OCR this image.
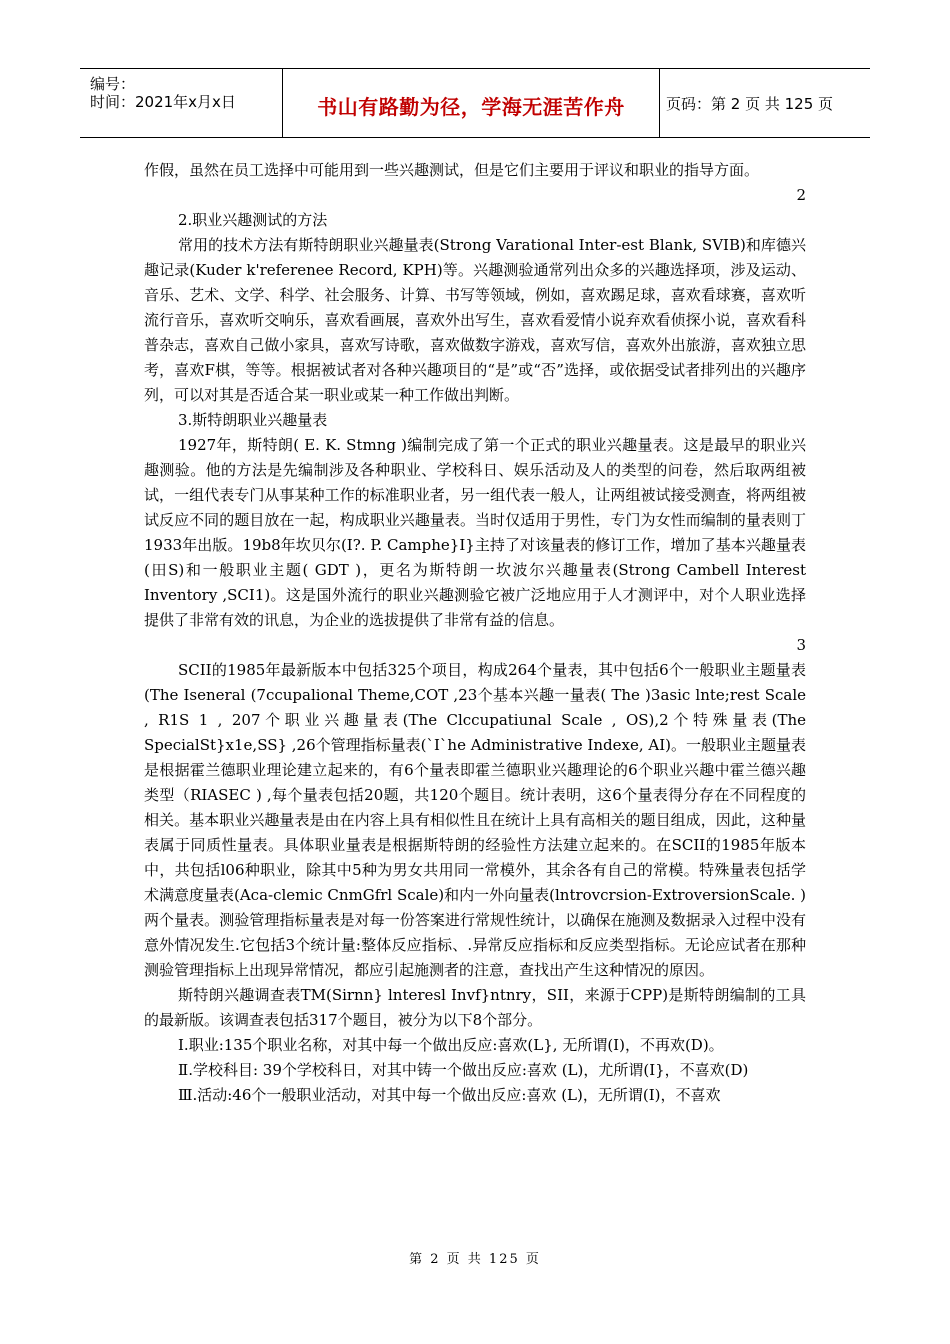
编号：
时间：2021年x月x日	书山有路勤为径，学海无涯苦作舟	页码：第 2 页 共 125 页

作假，虽然在员工选择中可能用到一些兴趣测试，但是它们主要用于评议和职业的指导方面。

2

2.职业兴趣测试的方法

常用的技术方法有斯特朗职业兴趣量表(Strong Varational Inter-est Blank, SVIB)和库德兴趣记录(Kuder k'referenee Record, KPH)等。兴趣测验通常列出众多的兴趣选择项，涉及运动、音乐、艺术、文学、科学、社会服务、计算、书写等领域，例如，喜欢踢足球，喜欢看球赛，喜欢听流行音乐，喜欢听交响乐，喜欢看画展，喜欢外出写生，喜欢看爱情小说弃欢看侦探小说，喜欢看科普杂志，喜欢自己做小家具，喜欢写诗歌，喜欢做数字游戏，喜欢写信，喜欢外出旅游，喜欢独立思考，喜欢F棋，等等。根据被试者对各种兴趣项目的“是”或“否”选择，或依据受试者排列出的兴趣序列，可以对其是否适合某一职业或某一种工作做出判断。

3.斯特朗职业兴趣量表

1927年，斯特朗( E. K. Stmng )编制完成了第一个正式的职业兴趣量表。这是最早的职业兴趣测验。他的方法是先编制涉及各种职业、学校科日、娱乐活动及人的类型的问卷，然后取两组被试，一组代表专门从事某种工作的标准职业者，另一组代表一般人，让两组被试接受测查，将两组被试反应不同的题目放在一起，构成职业兴趣量表。当时仅适用于男性，专门为女性而编制的量表则丁1933年出版。19b8年坎贝尔(I?. P. Camphe}I}主持了对该量表的修订工作，增加了基本兴趣量表(田S)和一般职业主题( GDT )，更名为斯特朗一坎波尔兴趣量表(Strong Cambell Interest Inventory ,SCI1)。这是国外流行的职业兴趣测验它被广泛地应用于人才测评中，对个人职业选择提供了非常有效的讯息，为企业的选拔提供了非常有益的信息。

3

SCII的1985年最新版本中包括325个项目，构成264个量表，其中包括6个一般职业主题量表(The Iseneral (7ccupalional Theme,COT ,23个基本兴趣一量表( The )3asic lnte;rest Scale , R1S 1 , 207个职业兴趣量表(The Clccupatiunal Scale , OS),2个特殊量表(The SpecialSt}x1e,SS} ,26个管理指标量表(`I`he Administrative Indexe, AI)。一般职业主题量表是根据霍兰德职业理论建立起来的，有6个量表即霍兰德职业兴趣理论的6个职业兴趣中霍兰德兴趣类型（RIASEC ) ,每个量表包括20题，共120个题目。统计表明，这6个量表得分存在不同程度的相关。基本职业兴趣量表是由在内容上具有相似性且在统计上具有高相关的题目组成，因此，这种量表属于同质性量表。具体职业量表是根据斯特朗的经验性方法建立起来的。在SCII的1985年版本中，共包括l06种职业，除其中5种为男女共用同一常模外，其余各有自己的常模。特殊量表包括学术满意度量表(Aca-clemic CnmGfrl Scale)和内一外向量表(lntrovcrsion-ExtroversionScale. )两个量表。测验管理指标量表是对每一份答案进行常规性统计，以确保在施测及数据录入过程中没有意外情况发生.它包括3个统计量:整体反应指标、.异常反应指标和反应类型指标。无论应试者在那种测验管理指标上出现异常情况，都应引起施测者的注意，查找出产生这种情况的原因。

斯特朗兴趣调查表TM(Sirnn} lnteresl Invf}ntnry，SII，来源于CPP)是斯特朗编制的工具的最新版。该调查表包括317个题目，被分为以下8个部分。

Ⅰ.职业:135个职业名称，对其中每一个做出反应:喜欢(L}, 无所谓(I)，不再欢(D)。

Ⅱ.学校科目: 39个学校科日，对其中铸一个做出反应:喜欢 (L)，尤所谓(I}，不喜欢(D)

Ⅲ.活动:46个一般职业活动，对其中每一个做出反应:喜欢 (L)，无所谓(I)，不喜欢

第 2 页 共 125 页
